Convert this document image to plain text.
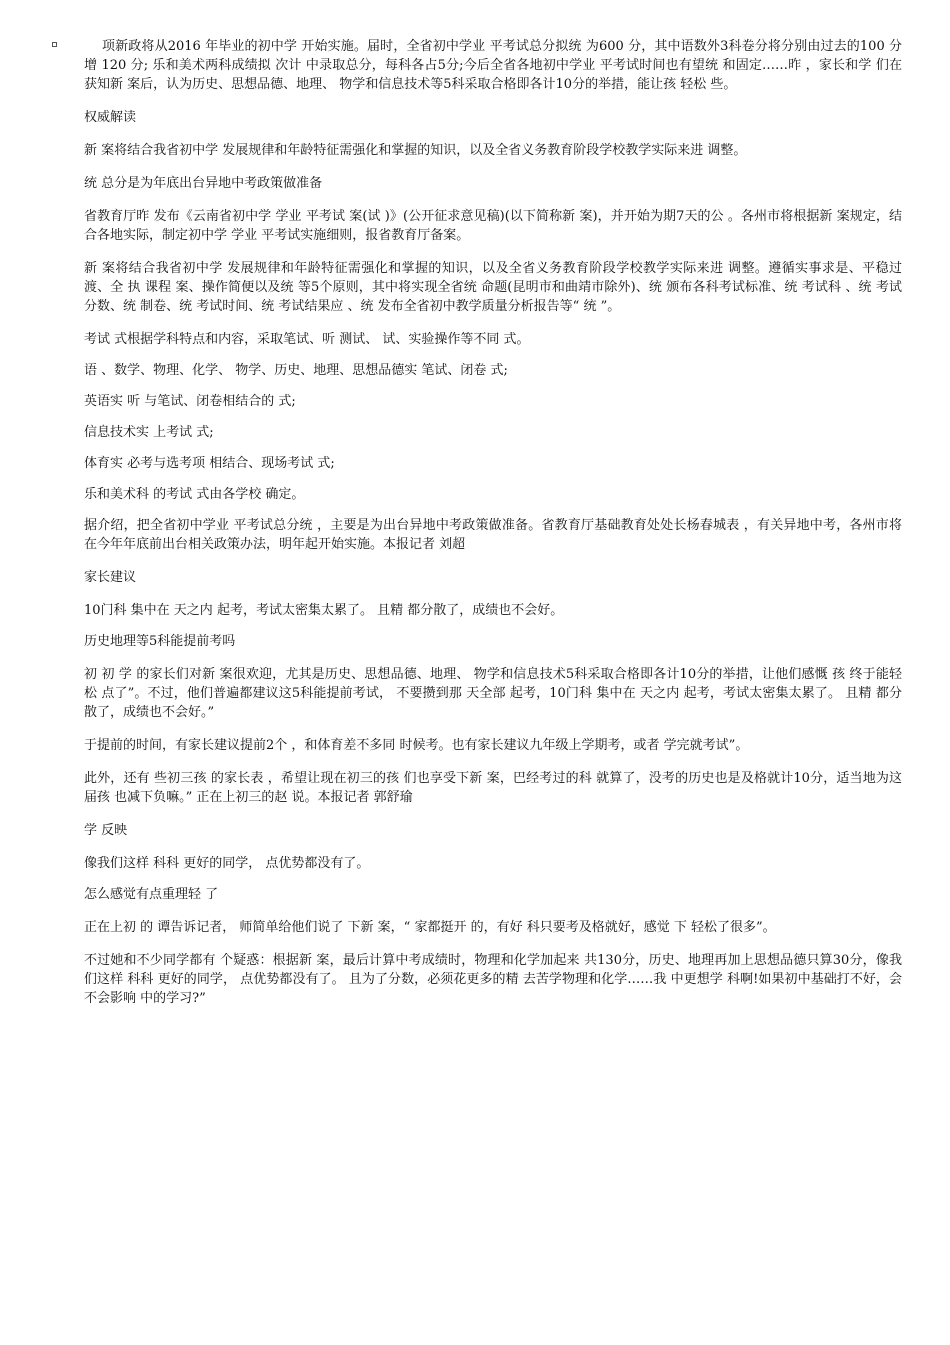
项新政将从2016 年毕业的初中学 开始实施。届时，全省初中学业 平考试总分拟统 为600 分，其中语数外3科卷分将分别由过去的100 分增 120 分; 乐和美术两科成绩拟 次计 中录取总分，每科各占5分;今后全省各地初中学业 平考试时间也有望统 和固定……昨 ，家长和学 们在获知新 案后，认为历史、思想品德、地理、 物学和信息技术等5科采取合格即各计10分的举措，能让孩 轻松 些。

权威解读

新 案将结合我省初中学 发展规律和年龄特征需强化和掌握的知识，以及全省义务教育阶段学校教学实际来进 调整。

统 总分是为年底出台异地中考政策做准备

省教育厅昨 发布《云南省初中学 学业 平考试 案(试 )》(公开征求意见稿)(以下简称新 案)，并开始为期7天的公 。各州市将根据新 案规定，结合各地实际，制定初中学 学业 平考试实施细则，报省教育厅备案。

新 案将结合我省初中学 发展规律和年龄特征需强化和掌握的知识，以及全省义务教育阶段学校教学实际来进 调整。遵循实事求是、平稳过渡、全 执 课程 案、操作简便以及统 等5个原则，其中将实现全省统 命题(昆明市和曲靖市除外)、统 颁布各科考试标准、统 考试科 、统 考试分数、统 制卷、统 考试时间、统 考试结果应 、统 发布全省初中教学质量分析报告等“ 统 ”。

考试 式根据学科特点和内容，采取笔试、听 测试、 试、实验操作等不同 式。

语 、数学、物理、化学、 物学、历史、地理、思想品德实 笔试、闭卷 式;

英语实 听 与笔试、闭卷相结合的 式;

信息技术实 上考试 式;

体育实 必考与选考项 相结合、现场考试 式;

乐和美术科 的考试 式由各学校 确定。

据介绍，把全省初中学业 平考试总分统 ，主要是为出台异地中考政策做准备。省教育厅基础教育处处长杨春城表 ，有关异地中考，各州市将在今年年底前出台相关政策办法，明年起开始实施。本报记者 刘超

家长建议

10门科 集中在 天之内 起考，考试太密集太累了。 且精 都分散了，成绩也不会好。

历史地理等5科能提前考吗

初 初 学 的家长们对新 案很欢迎，尤其是历史、思想品德、地理、 物学和信息技术5科采取合格即各计10分的举措，让他们感慨 孩 终于能轻松 点了”。不过，他们普遍都建议这5科能提前考试， 不要攒到那 天全部 起考，10门科 集中在 天之内 起考，考试太密集太累了。 且精 都分散了，成绩也不会好。”

于提前的时间，有家长建议提前2个 ，和体育差不多同 时候考。也有家长建议九年级上学期考，或者 学完就考试”。

此外，还有 些初三孩 的家长表 ，希望让现在初三的孩 们也享受下新 案，巴经考过的科 就算了，没考的历史也是及格就计10分，适当地为这届孩 也减下负嘛。” 正在上初三的赵 说。本报记者 郭舒瑜

学 反映

像我们这样 科科 更好的同学， 点优势都没有了。

怎么感觉有点重理轻 了

正在上初 的 谭告诉记者， 师简单给他们说了 下新 案，“ 家都挺开 的，有好 科只要考及格就好，感觉 下 轻松了很多”。

不过她和不少同学都有 个疑惑：根据新 案，最后计算中考成绩时，物理和化学加起来 共130分，历史、地理再加上思想品德只算30分，像我们这样 科科 更好的同学， 点优势都没有了。 且为了分数，必须花更多的精 去苦学物理和化学……我 中更想学 科啊!如果初中基础打不好，会不会影响 中的学习?”
